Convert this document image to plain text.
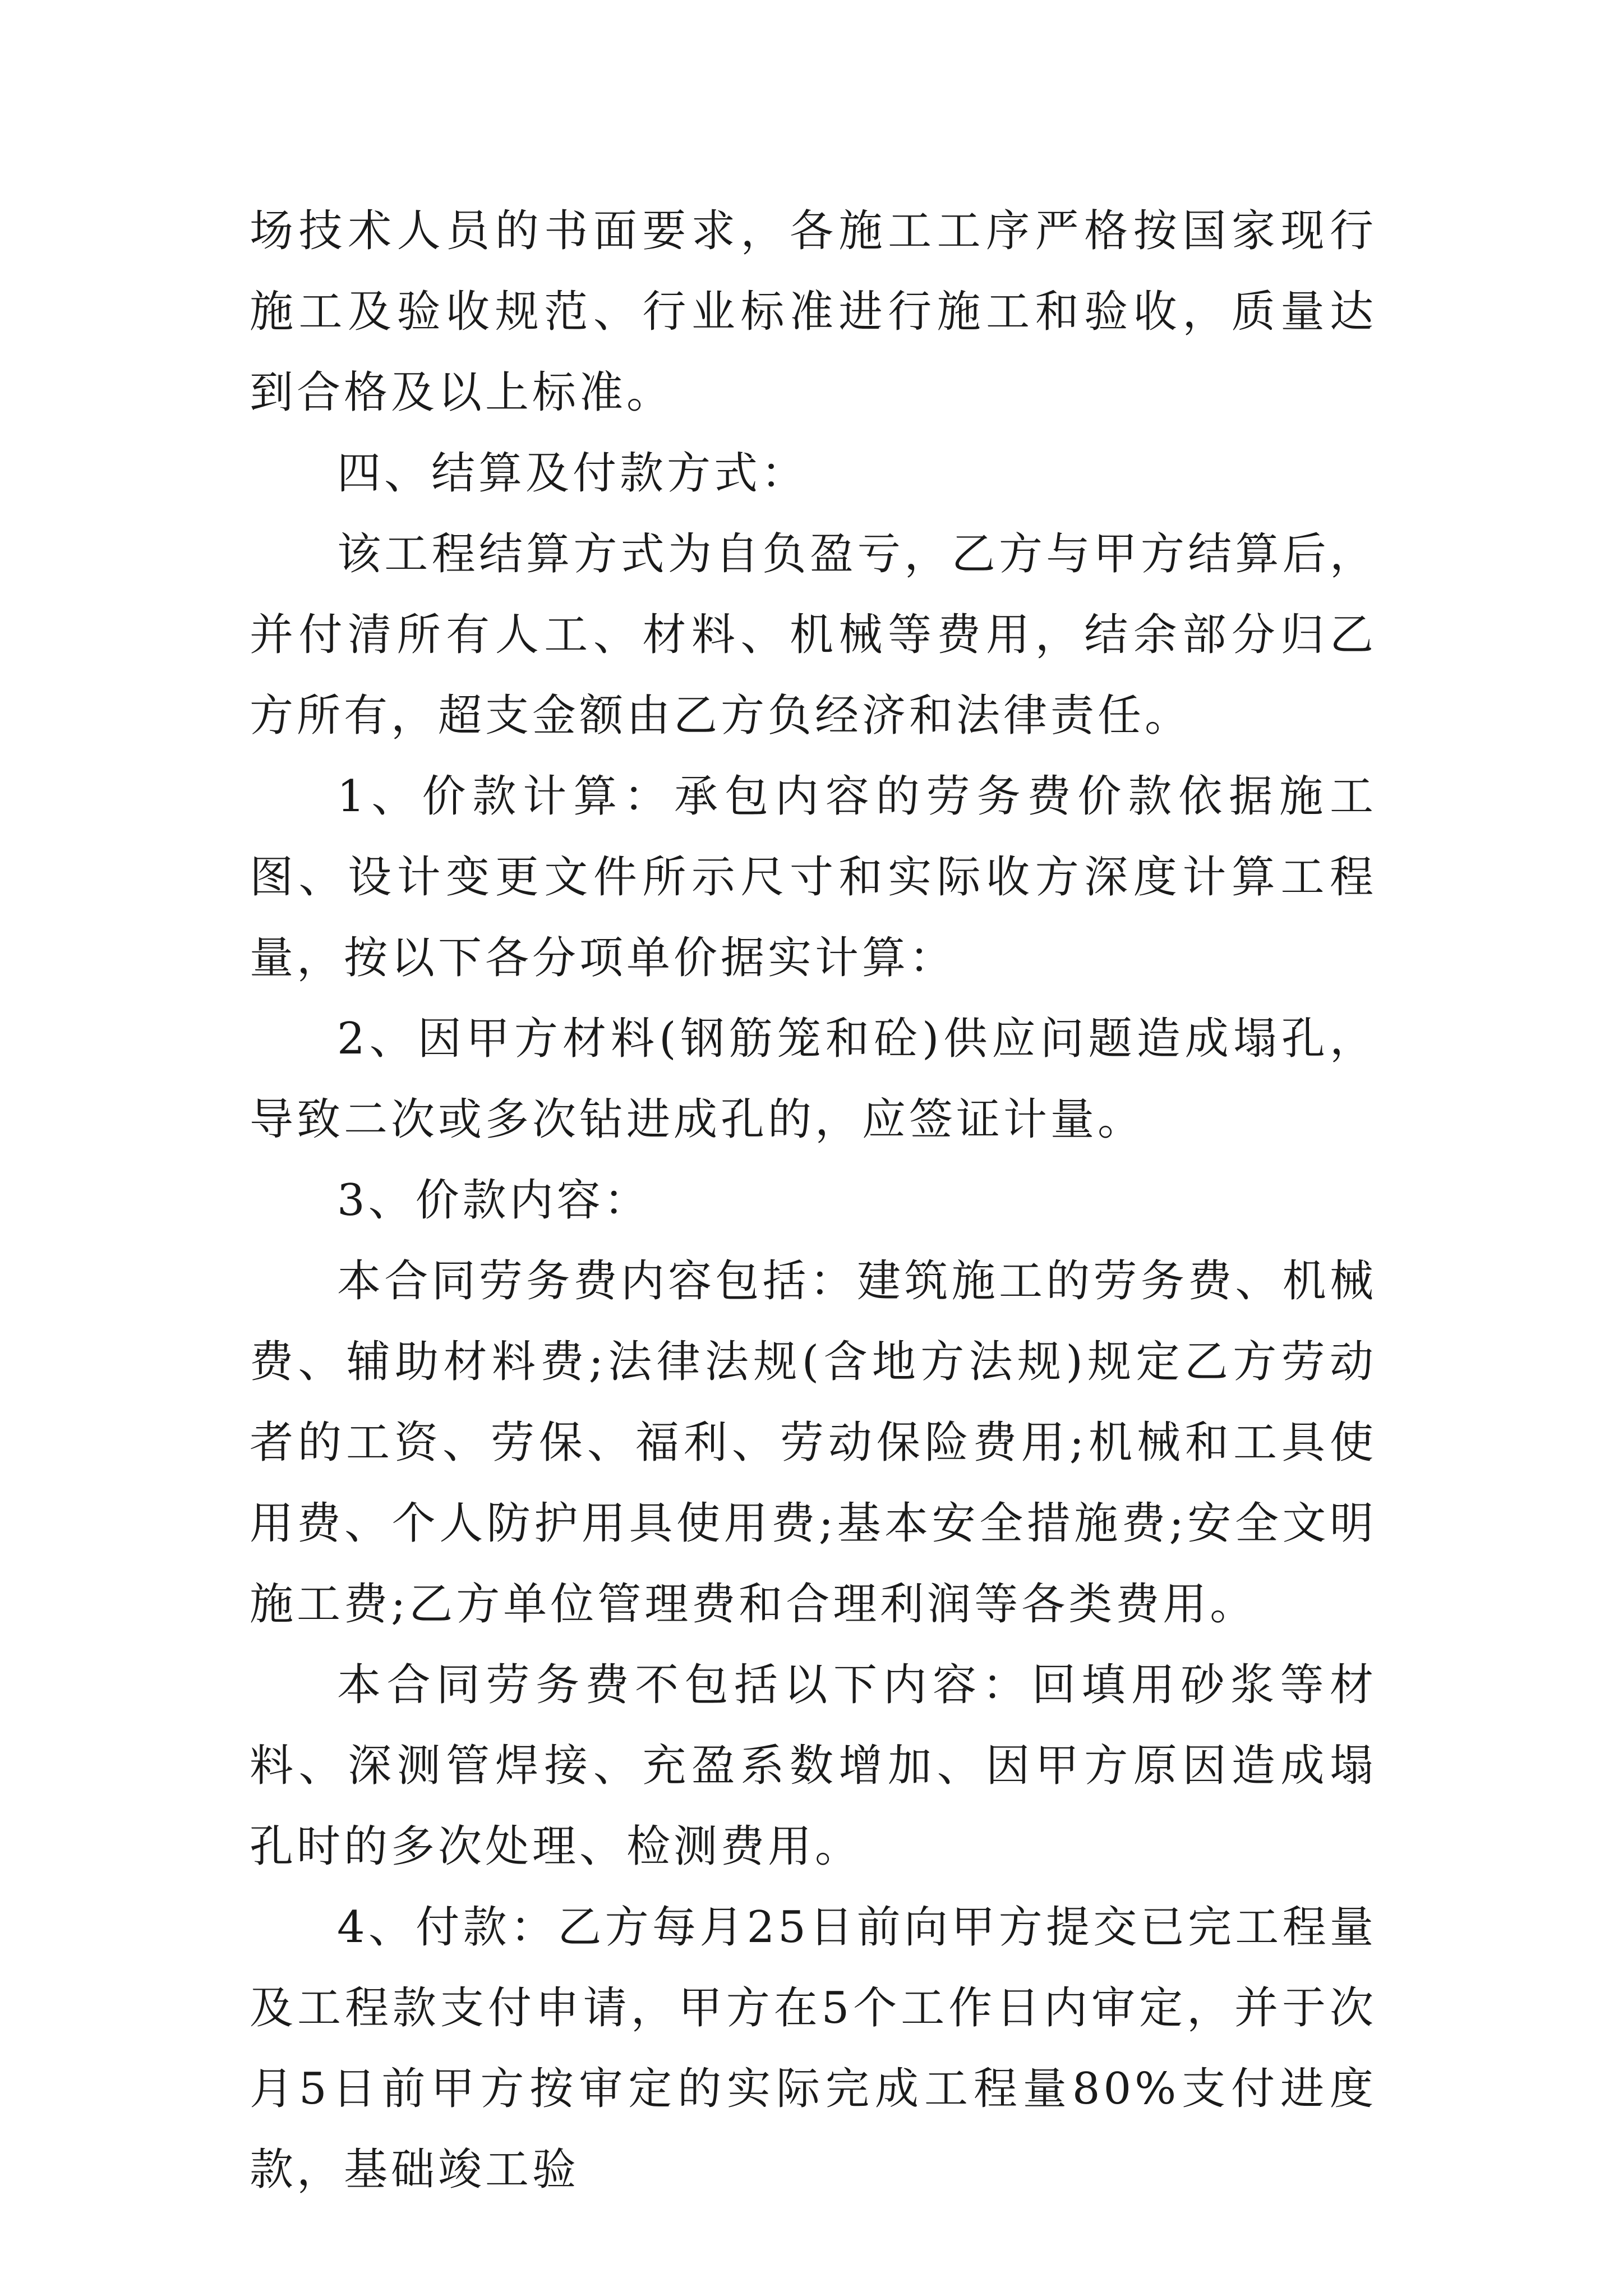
场技术人员的书面要求，各施工工序严格按国家现行施工及验收规范、行业标准进行施工和验收，质量达到合格及以上标准。

四、结算及付款方式：

该工程结算方式为自负盈亏，乙方与甲方结算后，并付清所有人工、材料、机械等费用，结余部分归乙方所有，超支金额由乙方负经济和法律责任。

1、价款计算：承包内容的劳务费价款依据施工图、设计变更文件所示尺寸和实际收方深度计算工程量，按以下各分项单价据实计算：

2、因甲方材料(钢筋笼和砼)供应问题造成塌孔，导致二次或多次钻进成孔的，应签证计量。

3、价款内容：

本合同劳务费内容包括：建筑施工的劳务费、机械费、辅助材料费;法律法规(含地方法规)规定乙方劳动者的工资、劳保、福利、劳动保险费用;机械和工具使用费、个人防护用具使用费;基本安全措施费;安全文明施工费;乙方单位管理费和合理利润等各类费用。

本合同劳务费不包括以下内容：回填用砂浆等材料、深测管焊接、充盈系数增加、因甲方原因造成塌孔时的多次处理、检测费用。

4、付款：乙方每月25日前向甲方提交已完工程量及工程款支付申请，甲方在5个工作日内审定，并于次月5日前甲方按审定的实际完成工程量80%支付进度款，基础竣工验
